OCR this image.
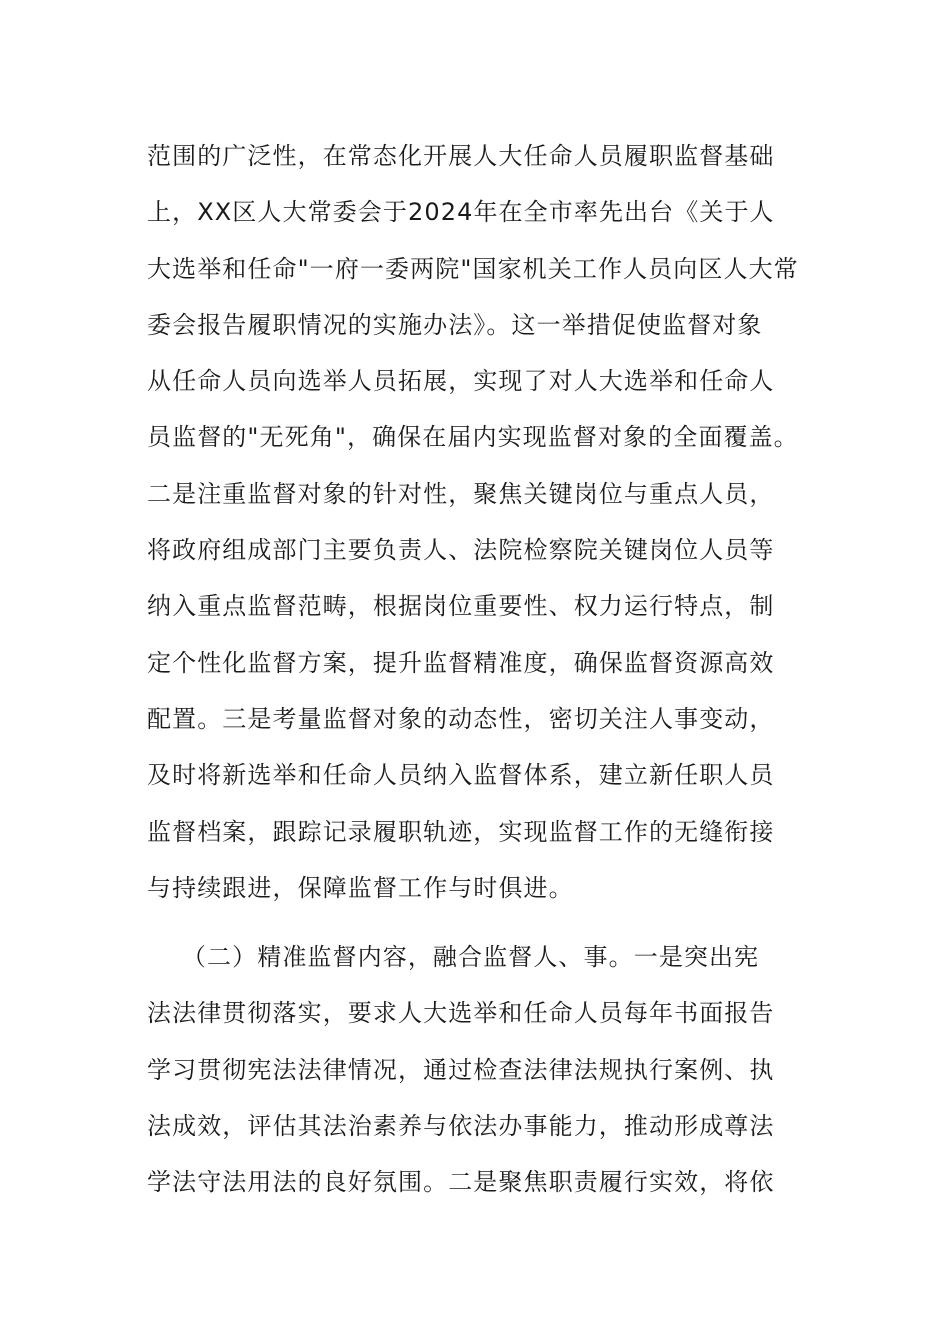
范围的广泛性，在常态化开展人大任命人员履职监督基础
上，XX区人大常委会于2024年在全市率先出台《关于人
大选举和任命"一府一委两院"国家机关工作人员向区人大常
委会报告履职情况的实施办法》。这一举措促使监督对象
从任命人员向选举人员拓展，实现了对人大选举和任命人
员监督的"无死角"，确保在届内实现监督对象的全面覆盖。
二是注重监督对象的针对性，聚焦关键岗位与重点人员，
将政府组成部门主要负责人、法院检察院关键岗位人员等
纳入重点监督范畴，根据岗位重要性、权力运行特点，制
定个性化监督方案，提升监督精准度，确保监督资源高效
配置。三是考量监督对象的动态性，密切关注人事变动，
及时将新选举和任命人员纳入监督体系，建立新任职人员
监督档案，跟踪记录履职轨迹，实现监督工作的无缝衔接
与持续跟进，保障监督工作与时俱进。
（二）精准监督内容，融合监督人、事。一是突出宪
法法律贯彻落实，要求人大选举和任命人员每年书面报告
学习贯彻宪法法律情况，通过检查法律法规执行案例、执
法成效，评估其法治素养与依法办事能力，推动形成尊法
学法守法用法的良好氛围。二是聚焦职责履行实效，将依
